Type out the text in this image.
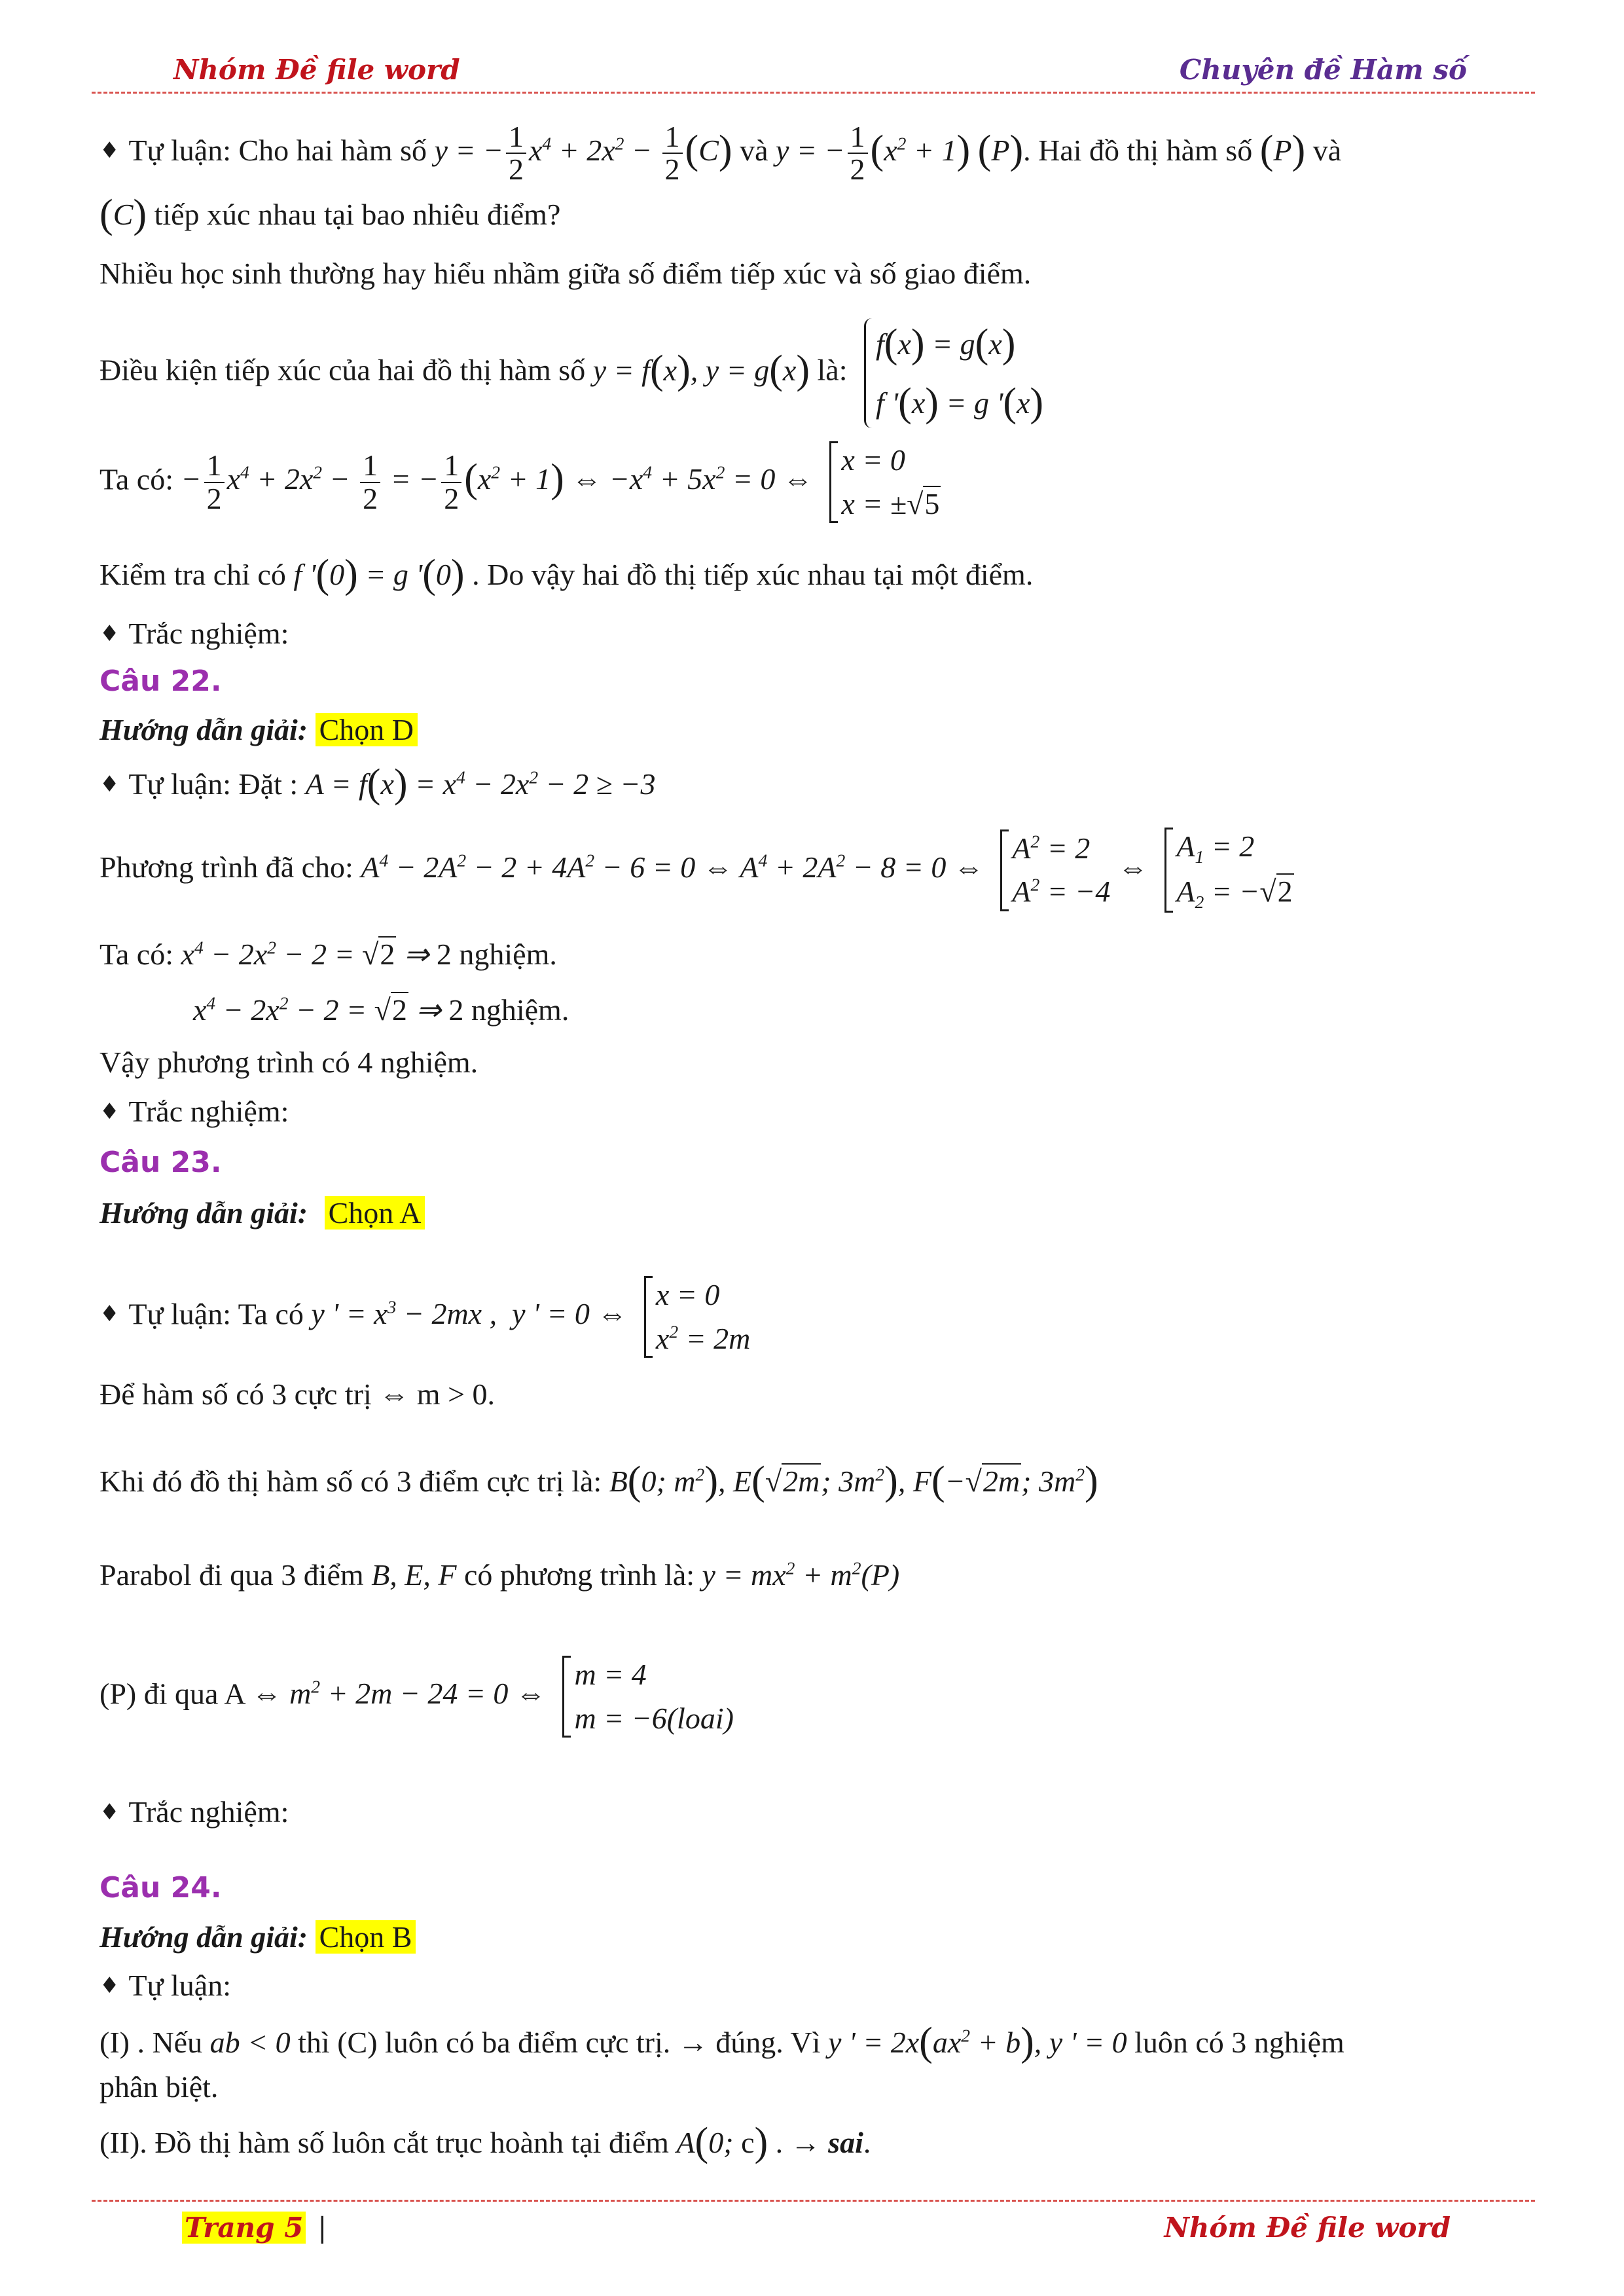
Nhóm Đề file word	Chuyên đề Hàm số
♦ Tự luận: Cho hai hàm số y = − $\frac{1}{2} x^4 + 2x^2 - \frac{1}{2} (C)$ và y = − $\frac{1}{2} (x^2 + 1)$ (P). Hai đồ thị hàm số (P) và
(C) tiếp xúc nhau tại bao nhiêu điểm?
Nhiều học sinh thường hay hiểu nhầm giữa số điểm tiếp xúc và số giao điểm.
Điều kiện tiếp xúc của hai đồ thị hàm số y = f(x), y = g(x) là:
f(x) = g(x)
f '(x) = g '(x)
Ta có: − $\frac{1}{2} x^4 + 2x^2 - \frac{1}{2}$ = − $\frac{1}{2} (x^2 + 1)$ ⇔ $-x^4 + 5x^2 = 0$ ⇔
x = 0
x = ±√5
Kiểm tra chỉ có f '(0) = g '(0) . Do vậy hai đồ thị tiếp xúc nhau tại một điểm.
♦ Trắc nghiệm:
Câu 22.
Hướng dẫn giải: Chọn D
♦ Tự luận: Đặt : $A = f(x) = x^4 - 2x^2 - 2 \ge -3$
Phương trình đã cho: $A^4 - 2A^2 - 2 + 4A^2 - 6 = 0$ ⇔ $A^4 + 2A^2 - 8 = 0$ ⇔
$A^2 = 2$
$A^2 = -4$
⇔
$A_1 = 2$
$A_2 = -√2$
Ta có: $x^4 - 2x^2 - 2 = √2$ ⇒ 2 nghiệm.
$x^4 - 2x^2 - 2 = √2$ ⇒ 2 nghiệm.
Vậy phương trình có 4 nghiệm.
♦ Trắc nghiệm:
Câu 23.
Hướng dẫn giải: Chọn A
♦ Tự luận: Ta có y ' = $x^3 - 2mx$ ,  y ' = 0 ⇔
x = 0
$x^2 = 2m$
Để hàm số có 3 cực trị ⇔ m > 0.
Khi đó đồ thị hàm số có 3 điểm cực trị là: B(0; $m^2$), E(√2m; $3m^2$), F(−√2m; $3m^2$)
Parabol đi qua 3 điểm B, E, F có phương trình là: $y = mx^2 + m^2(P)$
(P) đi qua A ⇔ $m^2 + 2m - 24 = 0$ ⇔
m = 4
m = −6(loai)
♦ Trắc nghiệm:
Câu 24.
Hướng dẫn giải: Chọn B
♦ Tự luận:
(I) . Nếu ab < 0 thì (C) luôn có ba điểm cực trị. → đúng. Vì y ' = $2x(ax^2 + b)$, y ' = 0 luôn có 3 nghiệm
phân biệt.
(II). Đồ thị hàm số luôn cắt trục hoành tại điểm A(0; c) . → sai.
Trang 5 |	Nhóm Đề file word
